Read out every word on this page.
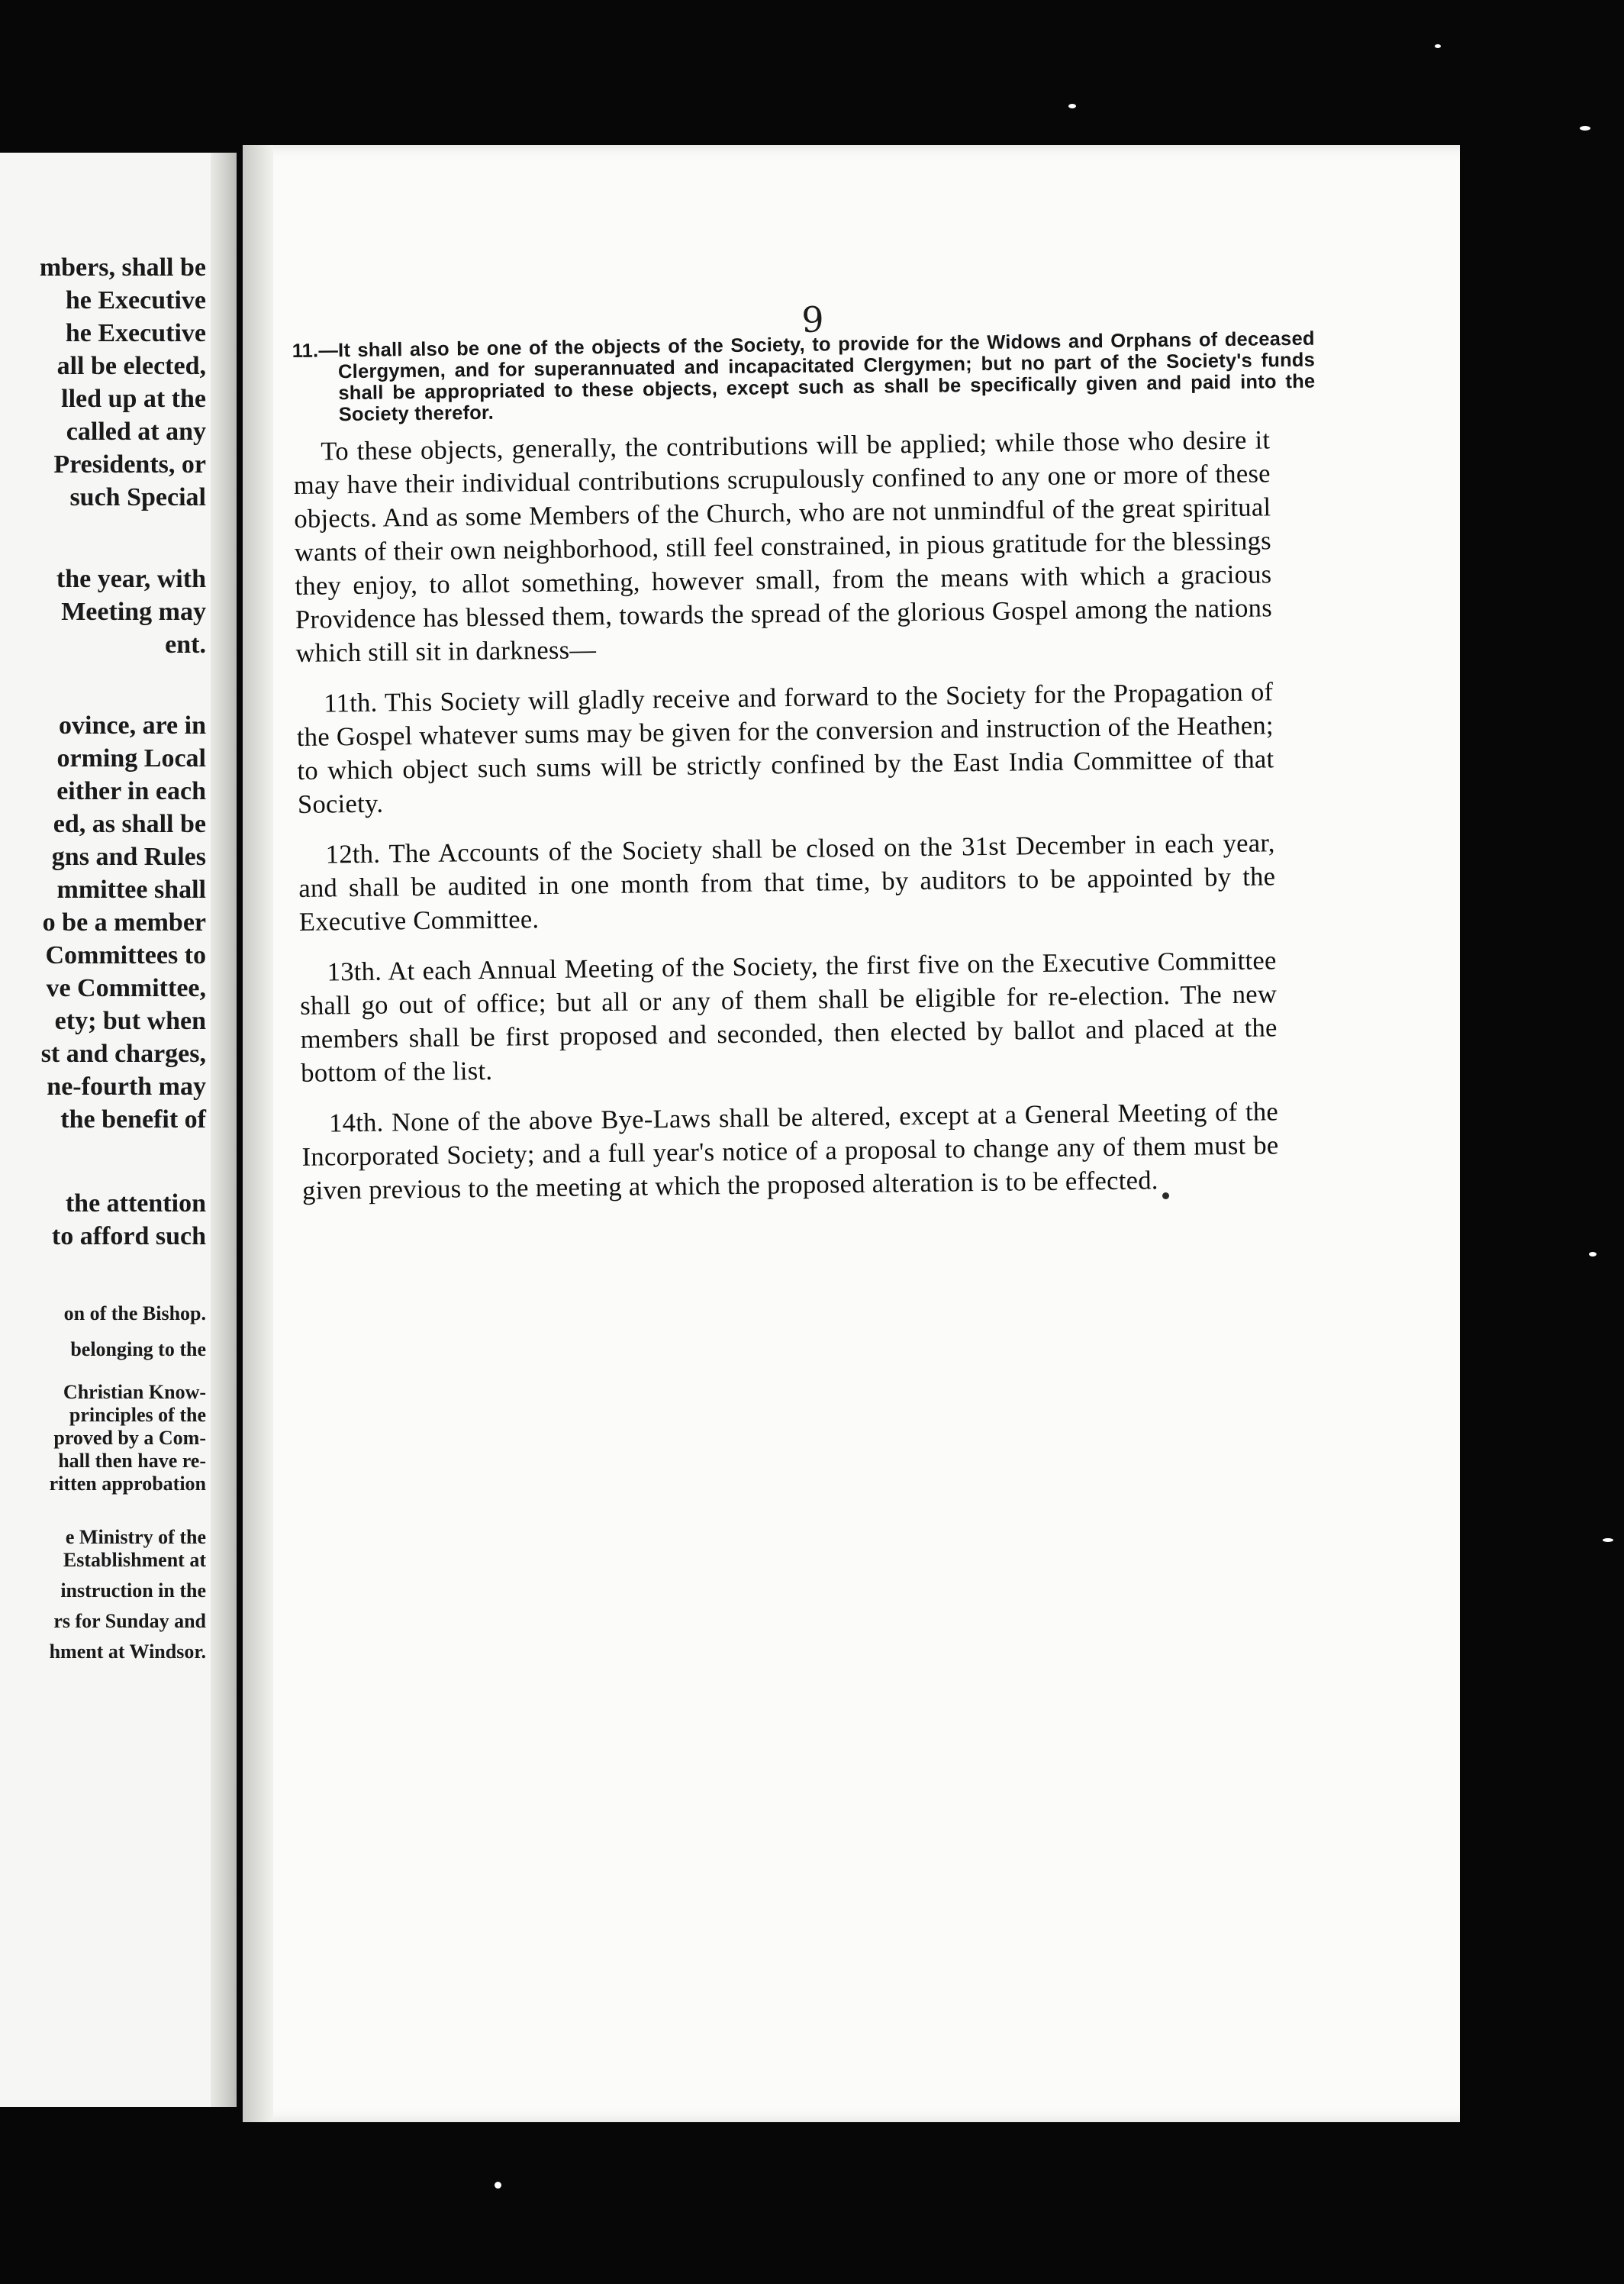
mbers, shall be
he Executive
he Executive
all be elected,
lled up at the
called at any
Presidents, or
such Special
the year, with
Meeting may
ent.
ovince, are in
orming Local
either in each
ed, as shall be
gns and Rules
mmittee shall
o be a member
Committees to
ve Committee,
ety; but when
st and charges,
ne-fourth may
the benefit of
the attention
to afford such
on of the Bishop.
belonging to the
Christian Know-
principles of the
proved by a Com-
hall then have re-
ritten approbation
e Ministry of the
Establishment at
instruction in the
rs for Sunday and
hment at Windsor.

9
11.—It shall also be one of the objects of the Society, to provide for the Widows and Orphans of deceased Clergymen, and for superannuated and incapacitated Clergymen; but no part of the Society's funds shall be appropriated to these objects, except such as shall be specifically given and paid into the Society therefor.

To these objects, generally, the contributions will be applied; while those who desire it may have their individual contributions scrupulously confined to any one or more of these objects. And as some Members of the Church, who are not unmindful of the great spiritual wants of their own neighborhood, still feel constrained, in pious gratitude for the blessings they enjoy, to allot something, however small, from the means with which a gracious Providence has blessed them, towards the spread of the glorious Gospel among the nations which still sit in darkness—

11th. This Society will gladly receive and forward to the Society for the Propagation of the Gospel whatever sums may be given for the conversion and instruction of the Heathen; to which object such sums will be strictly confined by the East India Committee of that Society.

12th. The Accounts of the Society shall be closed on the 31st December in each year, and shall be audited in one month from that time, by auditors to be appointed by the Executive Committee.

13th. At each Annual Meeting of the Society, the first five on the Executive Committee shall go out of office; but all or any of them shall be eligible for re-election. The new members shall be first proposed and seconded, then elected by ballot and placed at the bottom of the list.

14th. None of the above Bye-Laws shall be altered, except at a General Meeting of the Incorporated Society; and a full year's notice of a proposal to change any of them must be given previous to the meeting at which the proposed alteration is to be effected.
